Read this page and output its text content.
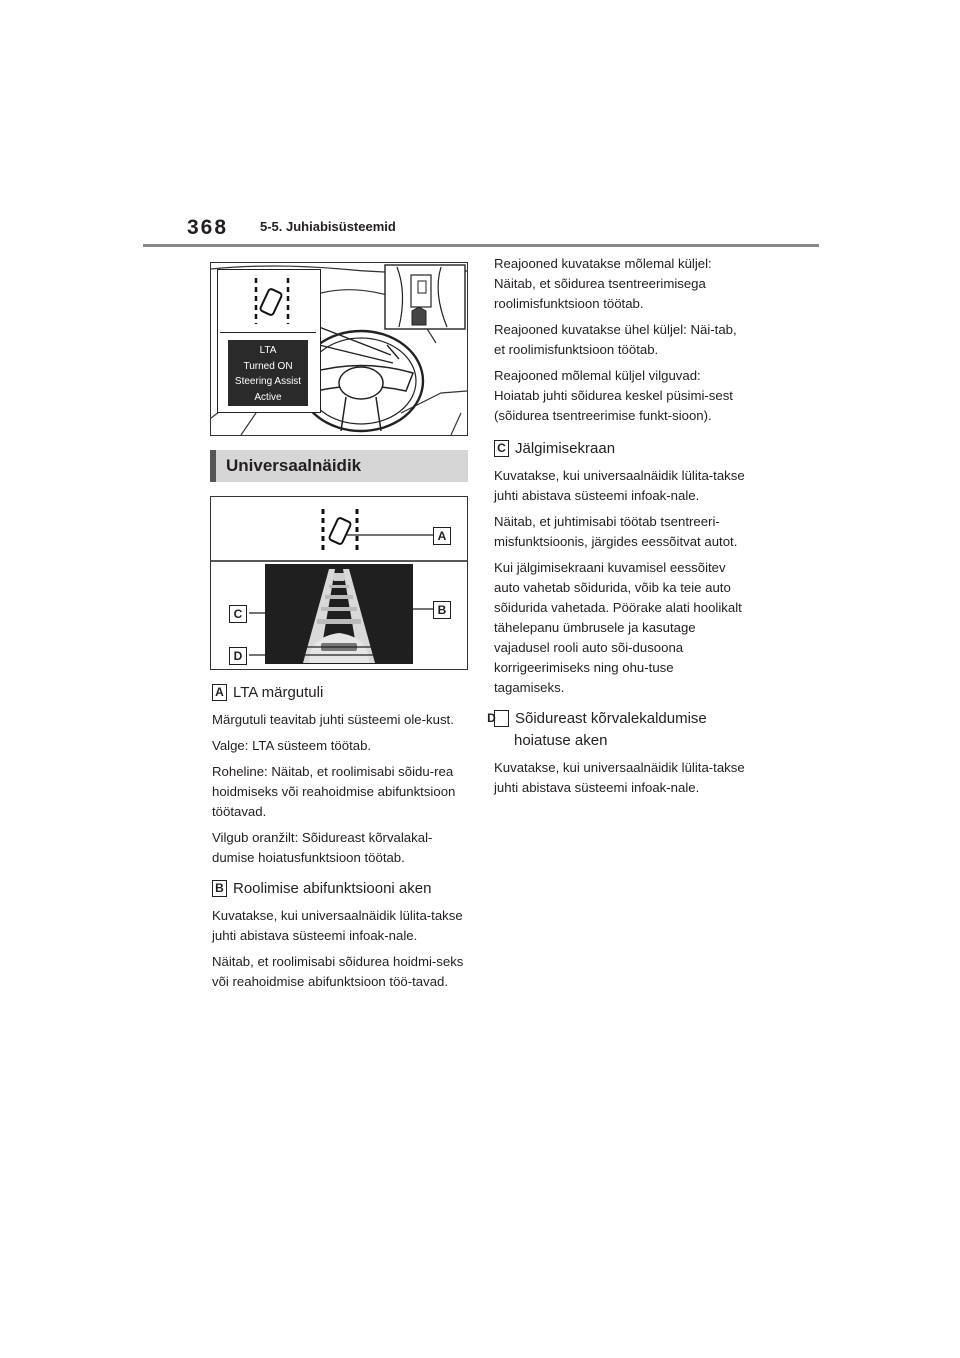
368 5-5. Juhiabisüsteemid
LTA
Turned ON
Steering Assist
Active
Universaalnäidik
A
B
C
D
A LTA märgutuli

Märgutuli teavitab juhti süsteemi ole-kust.

Valge: LTA süsteem töötab.

Roheline: Näitab, et roolimisabi sõidu-rea hoidmiseks või reahoidmise abifunktsioon töötavad.

Vilgub oranžilt: Sõidureast kõrvalakal-dumise hoiatusfunktsioon töötab.

B Roolimise abifunktsiooni aken

Kuvatakse, kui universaalnäidik lülita-takse juhti abistava süsteemi infoak-nale.

Näitab, et roolimisabi sõidurea hoidmi-seks või reahoidmise abifunktsioon töö-tavad.

Reajooned kuvatakse mõlemal küljel: Näitab, et sõidurea tsentreerimisega roolimisfunktsioon töötab.

Reajooned kuvatakse ühel küljel: Näi-tab, et roolimisfunktsioon töötab.

Reajooned mõlemal küljel vilguvad: Hoiatab juhti sõidurea keskel püsimi-sest (sõidurea tsentreerimise funkt-sioon).

C Jälgimisekraan

Kuvatakse, kui universaalnäidik lülita-takse juhti abistava süsteemi infoak-nale.

Näitab, et juhtimisabi töötab tsentreeri-misfunktsioonis, järgides eessõitvat autot.

Kui jälgimisekraani kuvamisel eessõitev auto vahetab sõidurida, võib ka teie auto sõidurida vahetada. Pöörake alati hoolikalt tähelepanu ümbrusele ja kasutage vajadusel rooli auto sõi-dusoona korrigeerimiseks ning ohu-tuse tagamiseks.

D Sõidureast kõrvalekaldumise hoiatuse aken

Kuvatakse, kui universaalnäidik lülita-takse juhti abistava süsteemi infoak-nale.
